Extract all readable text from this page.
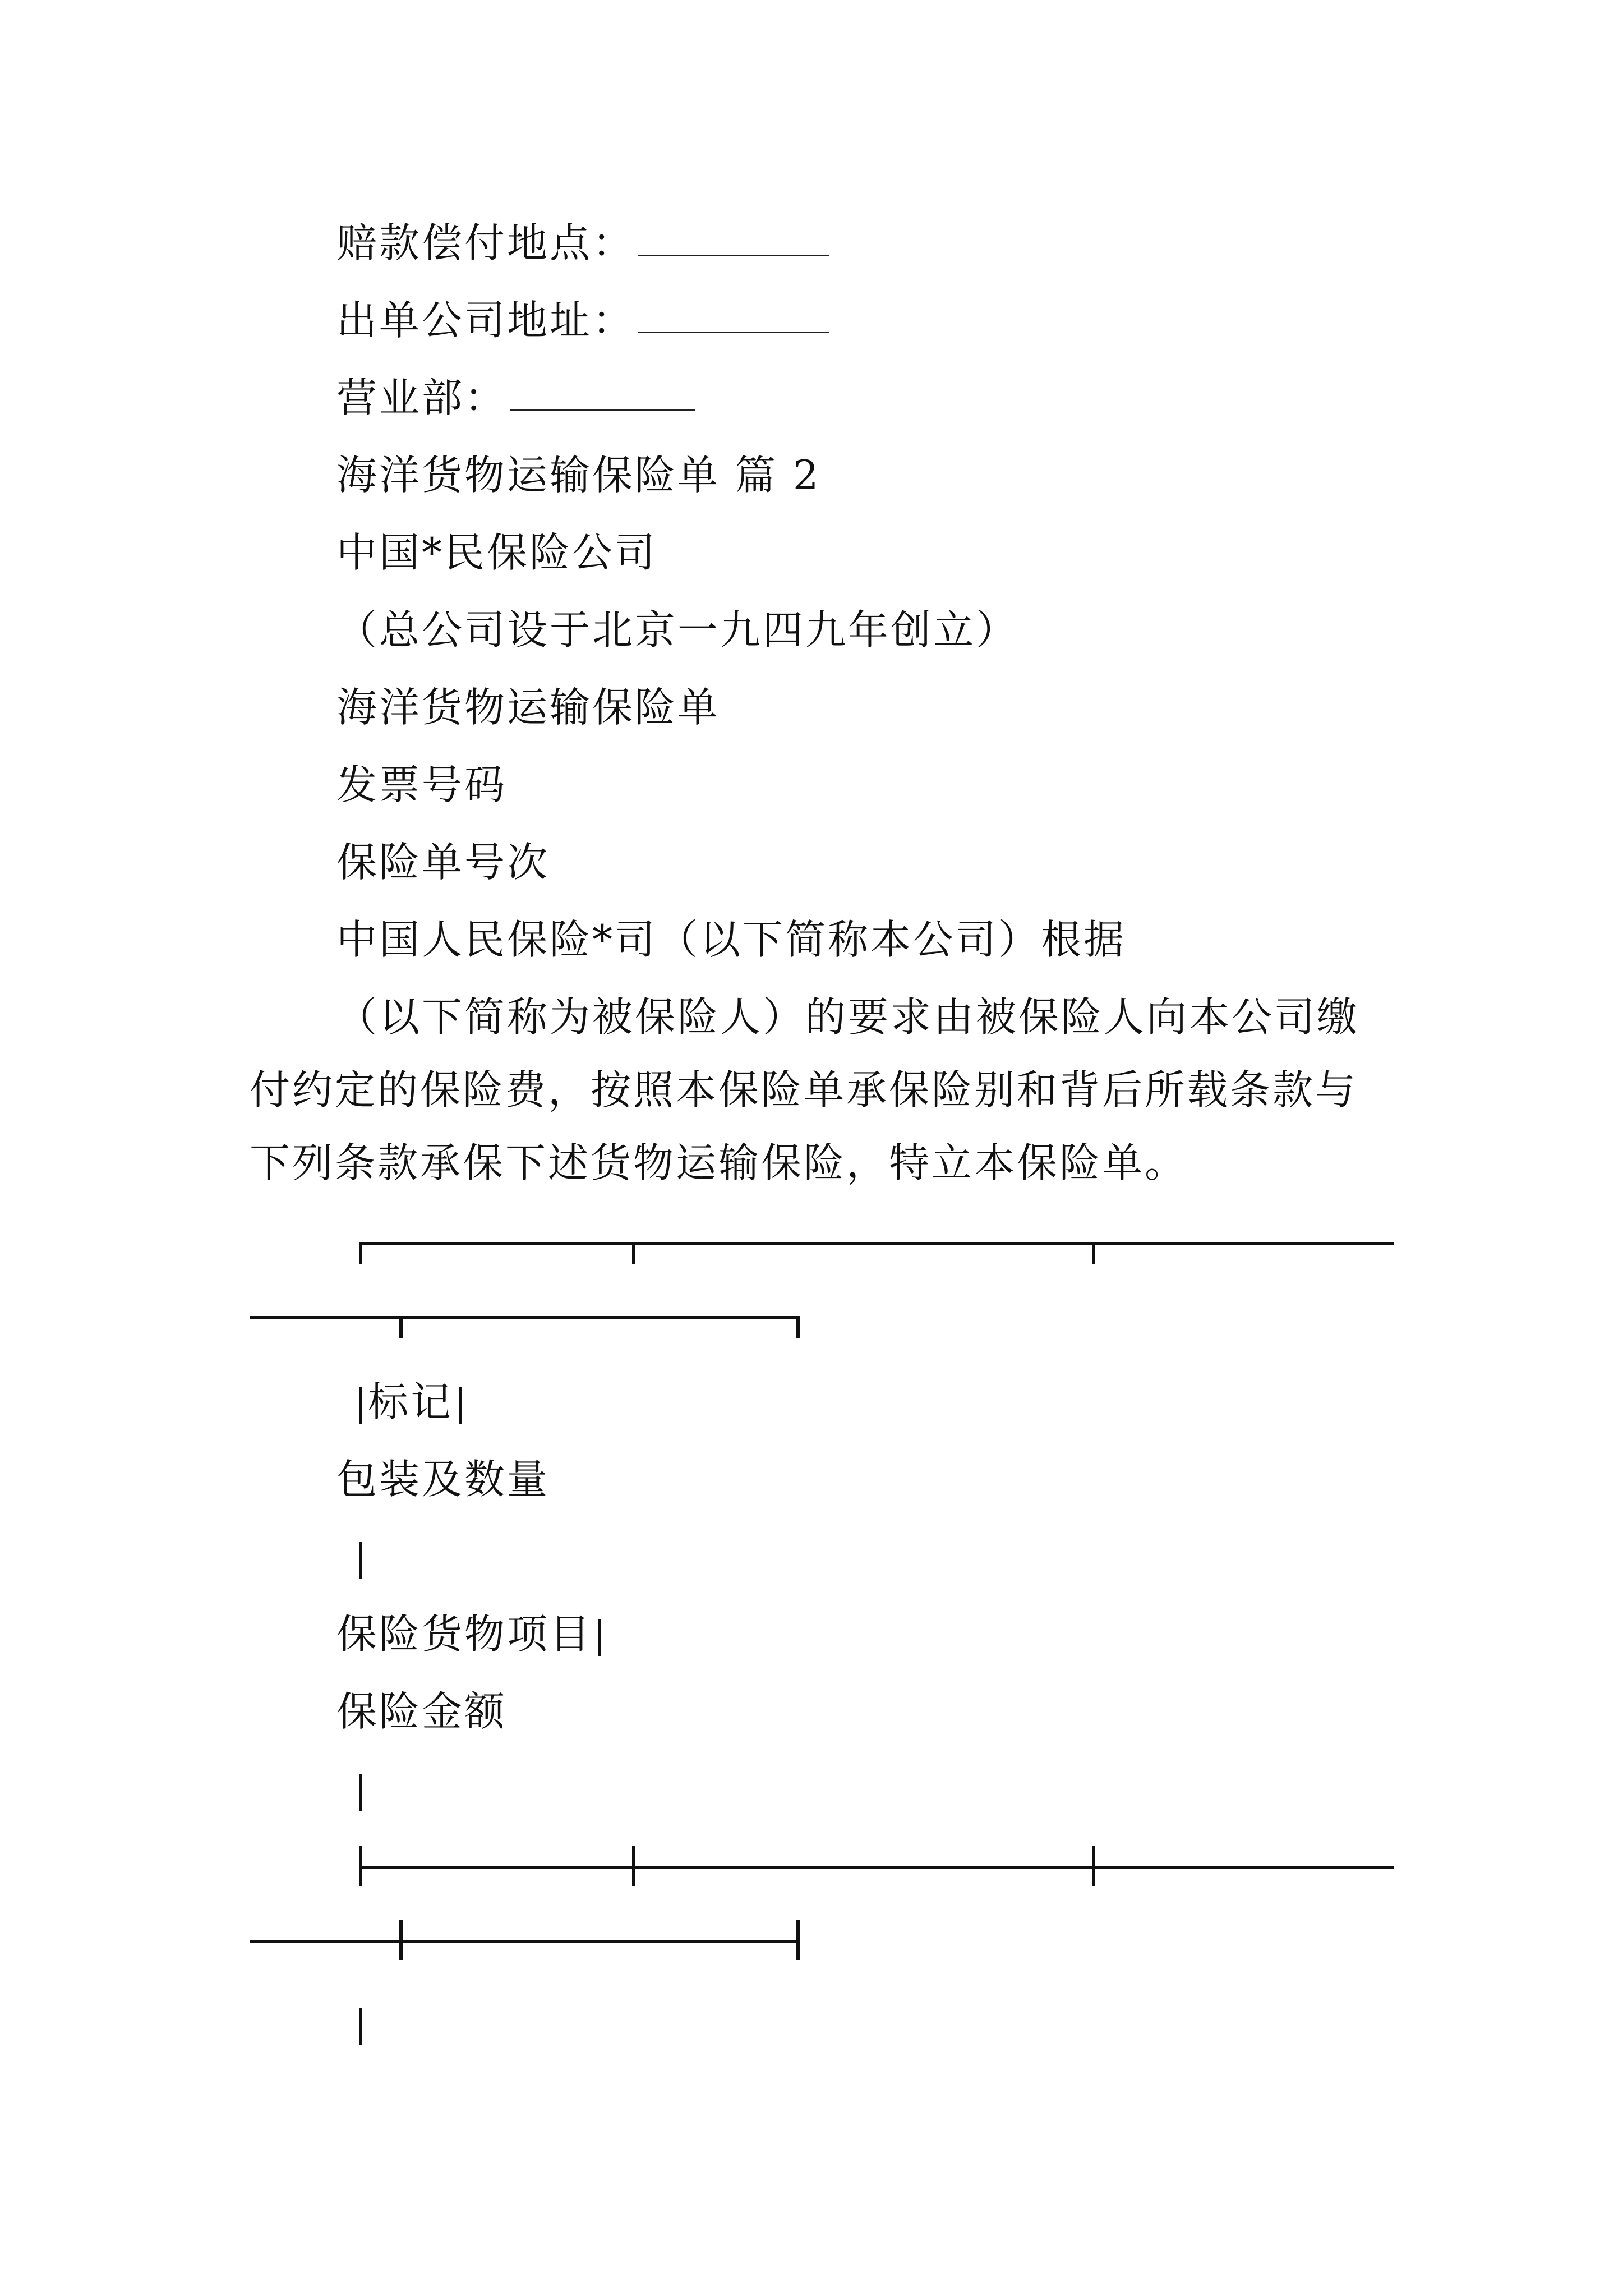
赔款偿付地点：
出单公司地址：
营业部：
海洋货物运输保险单 篇 2
中国*民保险公司
（总公司设于北京一九四九年创立）
海洋货物运输保险单
发票号码
保险单号次
中国人民保险*司（以下简称本公司）根据
（以下简称为被保险人）的要求由被保险人向本公司缴
付约定的保险费，按照本保险单承保险别和背后所载条款与
下列条款承保下述货物运输保险，特立本保险单。
标记
包装及数量
保险货物项目
保险金额
